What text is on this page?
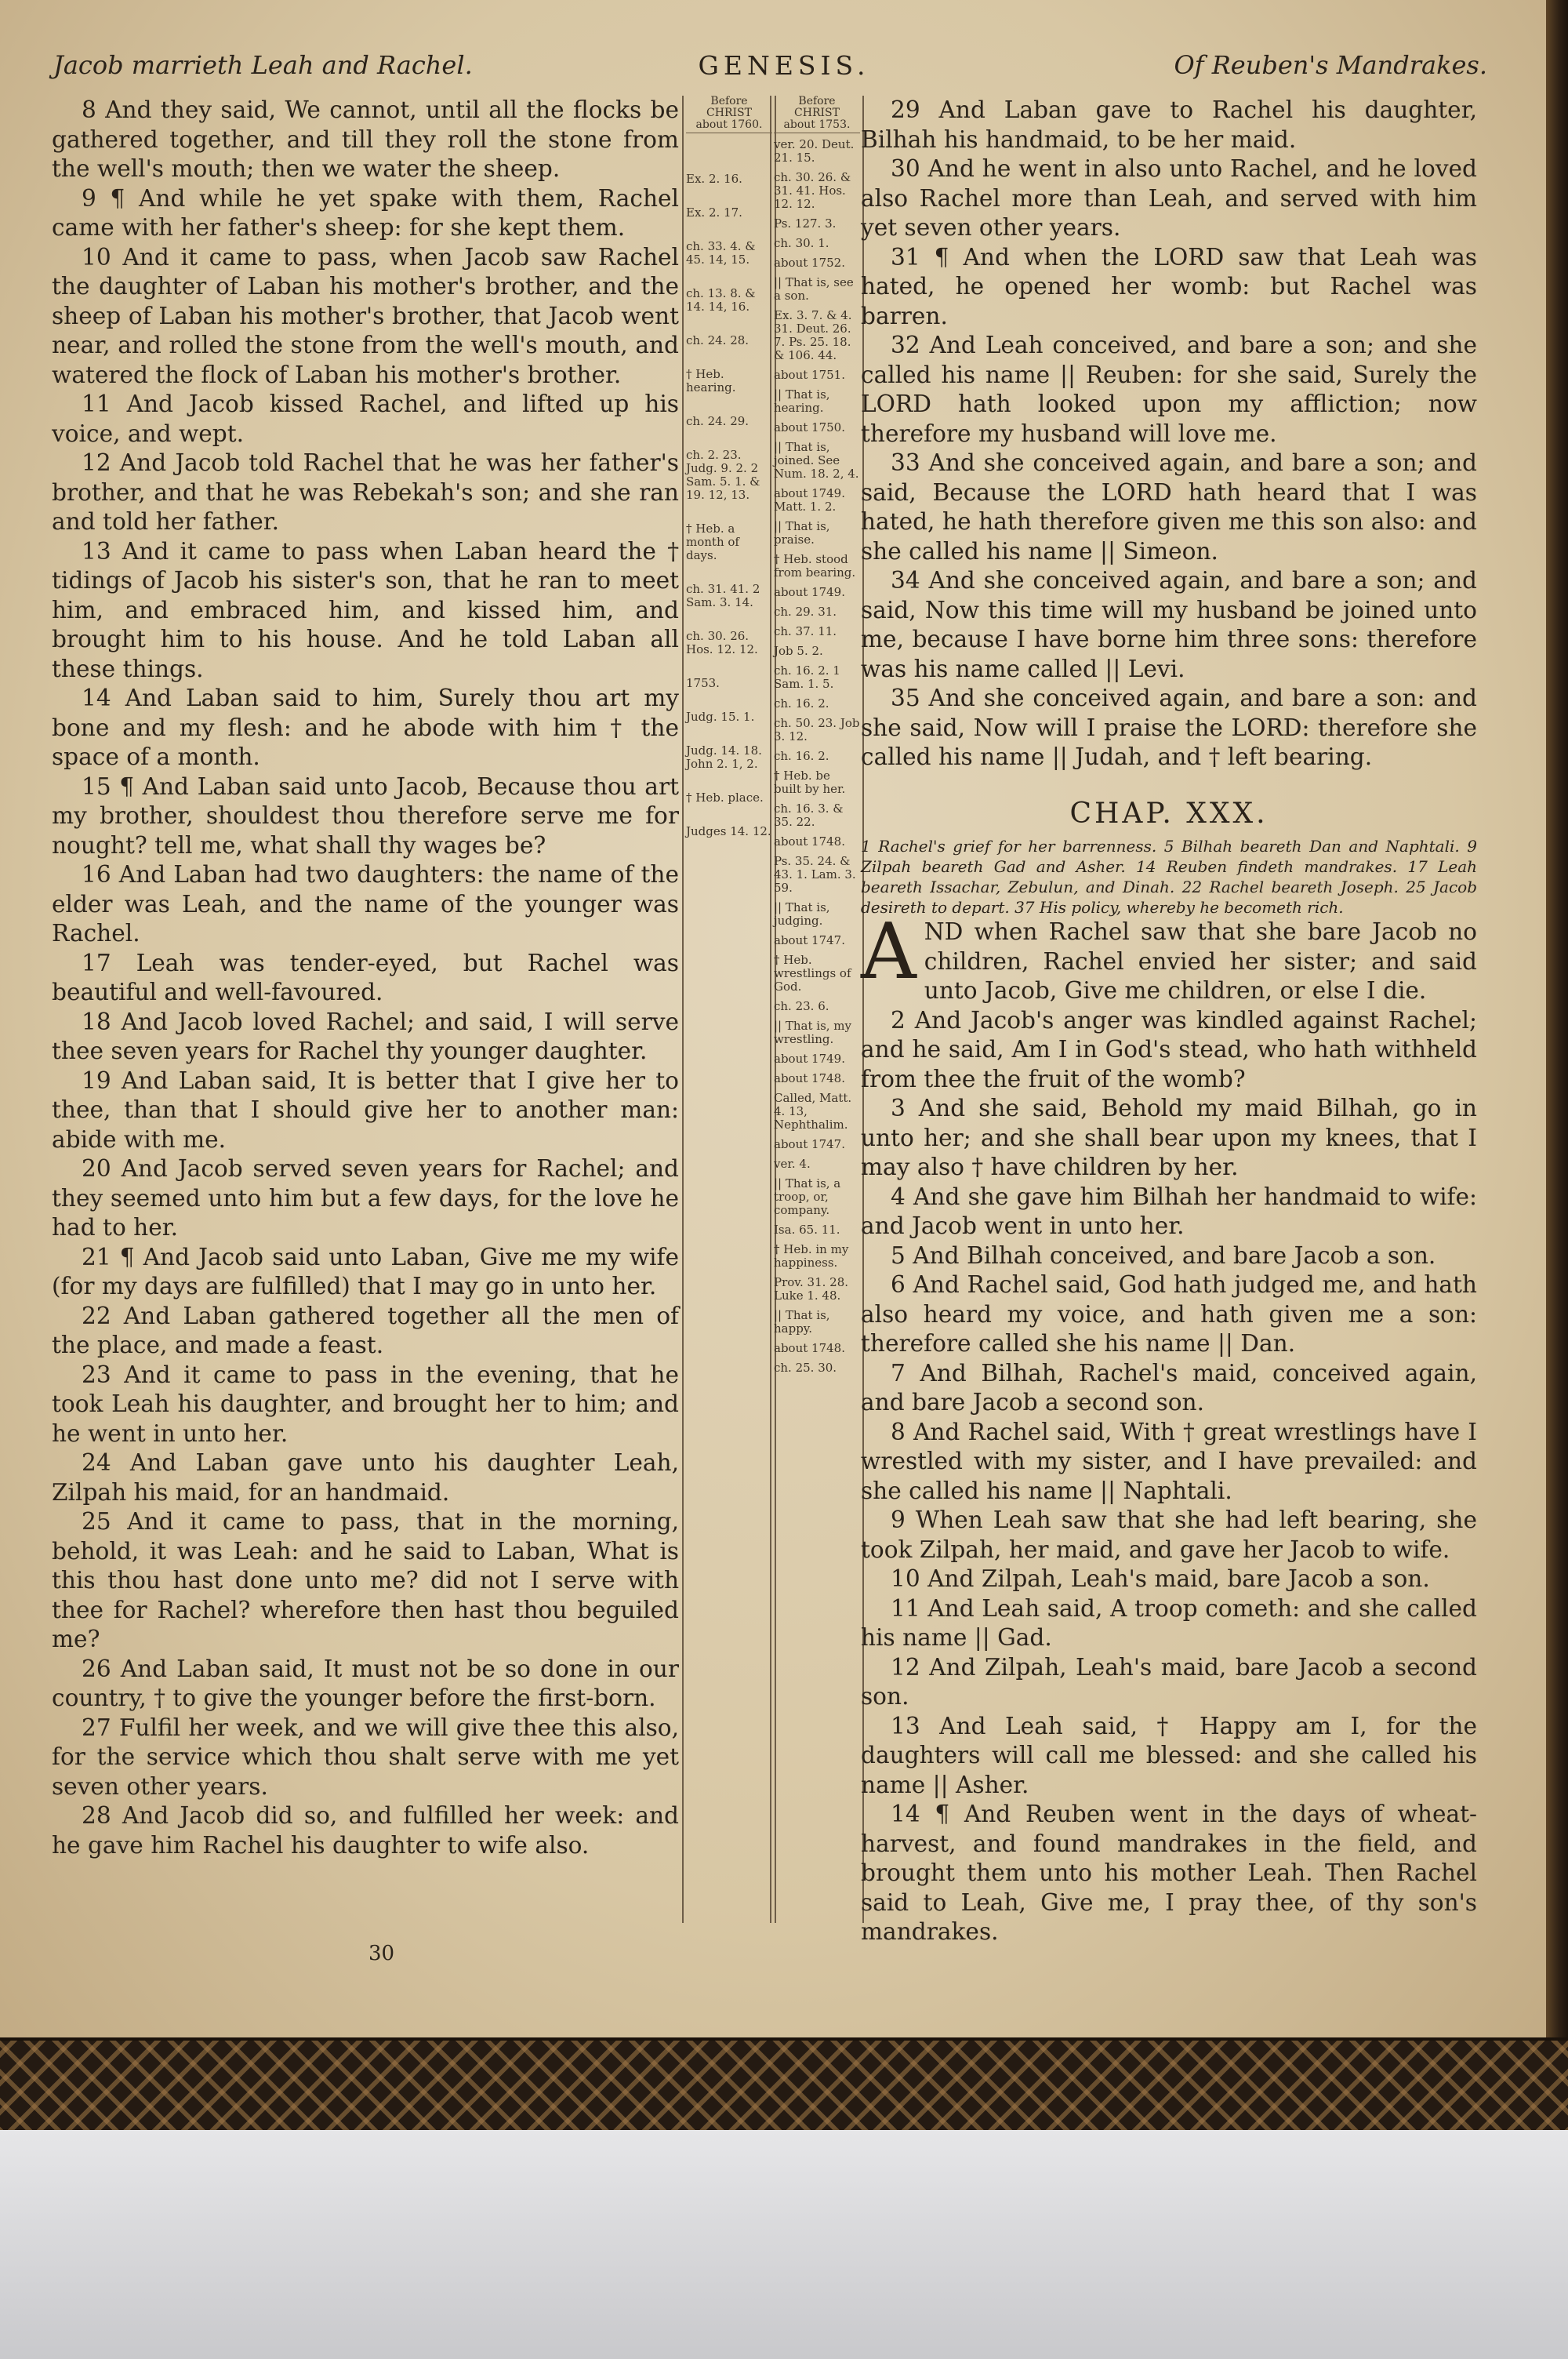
Jacob marrieth Leah and Rachel.	GENESIS.	Of Reuben's Mandrakes.

8 And they said, We cannot, until all the flocks be gathered together, and till they roll the stone from the well's mouth; then we water the sheep.

9 ¶ And while he yet spake with them, Rachel came with her father's sheep: for she kept them.

10 And it came to pass, when Jacob saw Rachel the daughter of Laban his mother's brother, and the sheep of Laban his mother's brother, that Jacob went near, and rolled the stone from the well's mouth, and watered the flock of Laban his mother's brother.

11 And Jacob kissed Rachel, and lifted up his voice, and wept.

12 And Jacob told Rachel that he was her father's brother, and that he was Rebekah's son; and she ran and told her father.

13 And it came to pass when Laban heard the † tidings of Jacob his sister's son, that he ran to meet him, and embraced him, and kissed him, and brought him to his house. And he told Laban all these things.

14 And Laban said to him, Surely thou art my bone and my flesh: and he abode with him † the space of a month.

15 ¶ And Laban said unto Jacob, Because thou art my brother, shouldest thou therefore serve me for nought? tell me, what shall thy wages be?

16 And Laban had two daughters: the name of the elder was Leah, and the name of the younger was Rachel.

17 Leah was tender-eyed, but Rachel was beautiful and well-favoured.

18 And Jacob loved Rachel; and said, I will serve thee seven years for Rachel thy younger daughter.

19 And Laban said, It is better that I give her to thee, than that I should give her to another man: abide with me.

20 And Jacob served seven years for Rachel; and they seemed unto him but a few days, for the love he had to her.

21 ¶ And Jacob said unto Laban, Give me my wife (for my days are fulfilled) that I may go in unto her.

22 And Laban gathered together all the men of the place, and made a feast.

23 And it came to pass in the evening, that he took Leah his daughter, and brought her to him; and he went in unto her.

24 And Laban gave unto his daughter Leah, Zilpah his maid, for an handmaid.

25 And it came to pass, that in the morning, behold, it was Leah: and he said to Laban, What is this thou hast done unto me? did not I serve with thee for Rachel? wherefore then hast thou beguiled me?

26 And Laban said, It must not be so done in our country, † to give the younger before the first-born.

27 Fulfil her week, and we will give thee this also, for the service which thou shalt serve with me yet seven other years.

28 And Jacob did so, and fulfilled her week: and he gave him Rachel his daughter to wife also.

Before
CHRIST
about 1760.
Ex. 2. 16.
Ex. 2. 17.
ch. 33. 4. & 45. 14, 15.
ch. 13. 8. & 14. 14, 16.
ch. 24. 28.
† Heb. hearing.
ch. 24. 29.
ch. 2. 23. Judg. 9. 2. 2 Sam. 5. 1. & 19. 12, 13.
† Heb. a month of days.
ch. 31. 41. 2 Sam. 3. 14.
ch. 30. 26. Hos. 12. 12.
1753.
Judg. 15. 1.
Judg. 14. 18. John 2. 1, 2.
† Heb. place.
Judges 14. 12.
Before
CHRIST
about 1753.
ver. 20. Deut. 21. 15.
ch. 30. 26. & 31. 41. Hos. 12. 12.
Ps. 127. 3.
ch. 30. 1.
about 1752.
|| That is, see a son.
Ex. 3. 7. & 4. 31. Deut. 26. 7. Ps. 25. 18. & 106. 44.
about 1751.
|| That is, hearing.
about 1750.
|| That is, joined. See Num. 18. 2, 4.
about 1749. Matt. 1. 2.
|| That is, praise.
† Heb. stood from bearing.
about 1749.
ch. 29. 31.
ch. 37. 11.
Job 5. 2.
ch. 16. 2. 1 Sam. 1. 5.
ch. 16. 2.
ch. 50. 23. Job 3. 12.
ch. 16. 2.
† Heb. be built by her.
ch. 16. 3. & 35. 22.
about 1748.
Ps. 35. 24. & 43. 1. Lam. 3. 59.
|| That is, judging.
about 1747.
† Heb. wrestlings of God.
ch. 23. 6.
|| That is, my wrestling.
about 1749.
about 1748.
Called, Matt. 4. 13, Nephthalim.
about 1747.
ver. 4.
|| That is, a troop, or, company.
Isa. 65. 11.
† Heb. in my happiness.
Prov. 31. 28. Luke 1. 48.
|| That is, happy.
about 1748.
ch. 25. 30.

29 And Laban gave to Rachel his daughter, Bilhah his handmaid, to be her maid.

30 And he went in also unto Rachel, and he loved also Rachel more than Leah, and served with him yet seven other years.

31 ¶ And when the LORD saw that Leah was hated, he opened her womb: but Rachel was barren.

32 And Leah conceived, and bare a son; and she called his name || Reuben: for she said, Surely the LORD hath looked upon my affliction; now therefore my husband will love me.

33 And she conceived again, and bare a son; and said, Because the LORD hath heard that I was hated, he hath therefore given me this son also: and she called his name || Simeon.

34 And she conceived again, and bare a son; and said, Now this time will my husband be joined unto me, because I have borne him three sons: therefore was his name called || Levi.

35 And she conceived again, and bare a son: and she said, Now will I praise the LORD: therefore she called his name || Judah, and † left bearing.

CHAP. XXX.

1 Rachel's grief for her barrenness. 5 Bilhah beareth Dan and Naphtali. 9 Zilpah beareth Gad and Asher. 14 Reuben findeth mandrakes. 17 Leah beareth Issachar, Zebulun, and Dinah. 22 Rachel beareth Joseph. 25 Jacob desireth to depart. 37 His policy, whereby he becometh rich.

A ND when Rachel saw that she bare Jacob no children, Rachel envied her sister; and said unto Jacob, Give me children, or else I die.

2 And Jacob's anger was kindled against Rachel; and he said, Am I in God's stead, who hath withheld from thee the fruit of the womb?

3 And she said, Behold my maid Bilhah, go in unto her; and she shall bear upon my knees, that I may also † have children by her.

4 And she gave him Bilhah her handmaid to wife: and Jacob went in unto her.

5 And Bilhah conceived, and bare Jacob a son.

6 And Rachel said, God hath judged me, and hath also heard my voice, and hath given me a son: therefore called she his name || Dan.

7 And Bilhah, Rachel's maid, conceived again, and bare Jacob a second son.

8 And Rachel said, With † great wrestlings have I wrestled with my sister, and I have prevailed: and she called his name || Naphtali.

9 When Leah saw that she had left bearing, she took Zilpah, her maid, and gave her Jacob to wife.

10 And Zilpah, Leah's maid, bare Jacob a son.

11 And Leah said, A troop cometh: and she called his name || Gad.

12 And Zilpah, Leah's maid, bare Jacob a second son.

13 And Leah said, † Happy am I, for the daughters will call me blessed: and she called his name || Asher.

14 ¶ And Reuben went in the days of wheat-harvest, and found mandrakes in the field, and brought them unto his mother Leah. Then Rachel said to Leah, Give me, I pray thee, of thy son's mandrakes.

30
